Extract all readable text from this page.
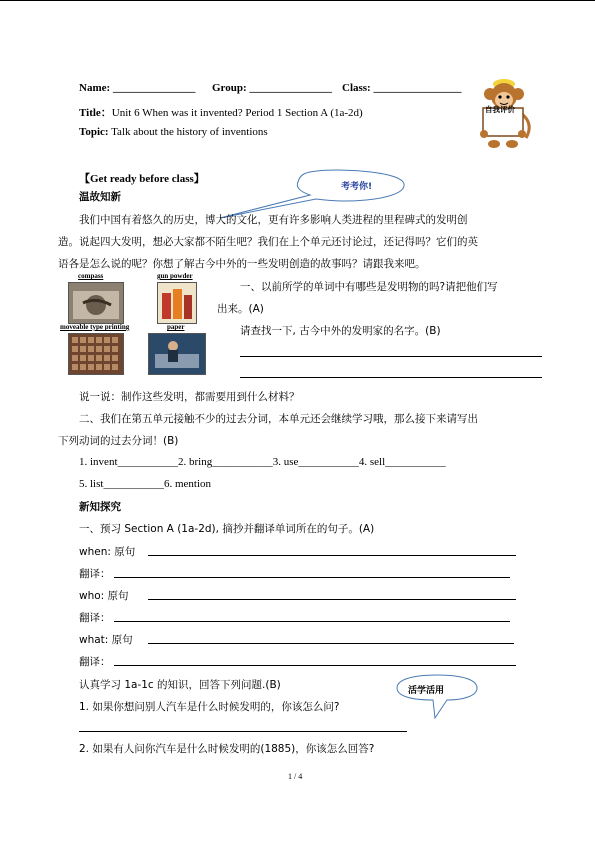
Name: _______________ Group: _______________ Class: ________________
Title：Unit 6 When was it invented? Period 1 Section A (1a-2d)
Topic: Talk about the history of inventions
自我评价
【Get ready before class】
考考你!
温故知新
我们中国有着悠久的历史，博大的文化，更有许多影响人类进程的里程碑式的发明创
造。说起四大发明，想必大家都不陌生吧？我们在上个单元还讨论过，还记得吗？它们的英
语各是怎么说的呢？你想了解古今中外的一些发明创造的故事吗？请跟我来吧。
compass	gun powder
moveable type printing	paper
一、以前所学的单词中有哪些是发明物的吗?请把他们写
出来。(A)
请查找一下, 古今中外的发明家的名字。(B)
说一说：制作这些发明，都需要用到什么材料？
二、我们在第五单元接触不少的过去分词，本单元还会继续学习哦，那么接下来请写出
下列动词的过去分词！(B)
1. invent___________2. bring___________3. use___________4. sell___________
5. list___________6. mention
新知探究
一、预习 Section A (1a-2d), 摘抄并翻译单词所在的句子。(A)
when: 原句
翻译：
who: 原句
翻译：
what: 原句
翻译：
认真学习 1a-1c 的知识，回答下列问题.(B)	活学活用
1. 如果你想问别人汽车是什么时候发明的，你该怎么问?
2. 如果有人问你汽车是什么时候发明的(1885)，你该怎么回答?
1 / 4
